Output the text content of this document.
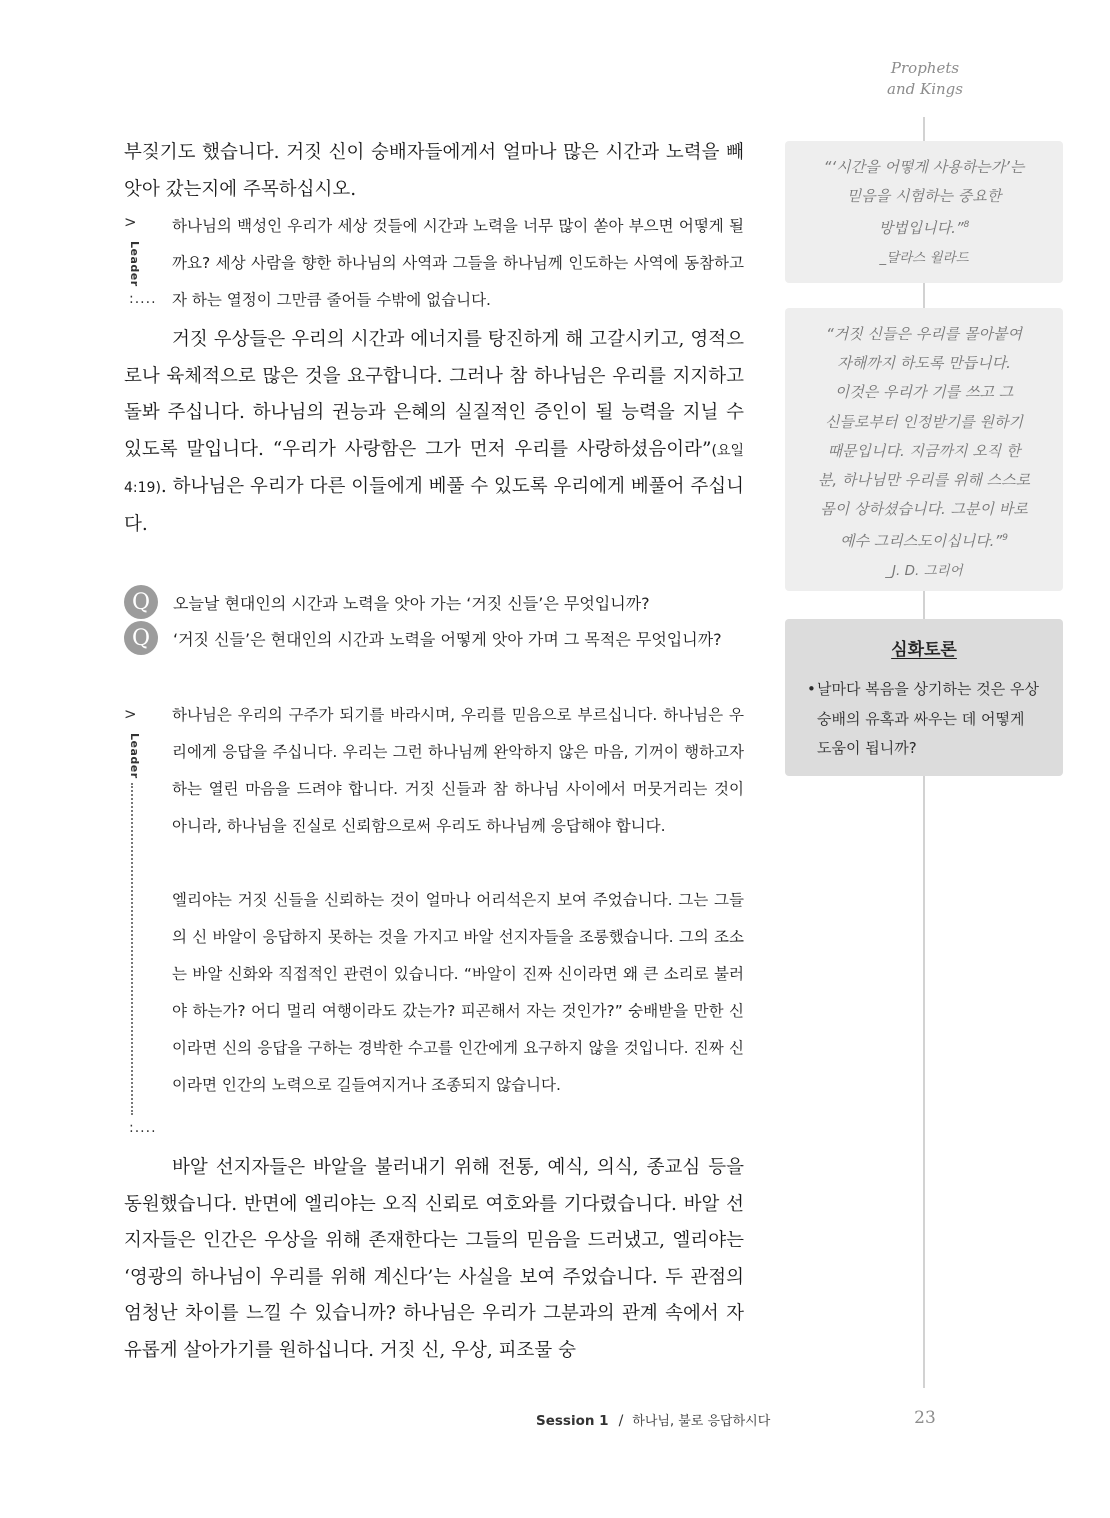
Prophets
and Kings

부짖기도 했습니다. 거짓 신이 숭배자들에게서 얼마나 많은 시간과 노력을 빼앗아 갔는지에 주목하십시오.

>
Leader
:....

하나님의 백성인 우리가 세상 것들에 시간과 노력을 너무 많이 쏟아 부으면 어떻게 될까요? 세상 사람을 향한 하나님의 사역과 그들을 하나님께 인도하는 사역에 동참하고자 하는 열정이 그만큼 줄어들 수밖에 없습니다.

거짓 우상들은 우리의 시간과 에너지를 탕진하게 해 고갈시키고, 영적으로나 육체적으로 많은 것을 요구합니다. 그러나 참 하나님은 우리를 지지하고 돌봐 주십니다. 하나님의 권능과 은혜의 실질적인 증인이 될 능력을 지닐 수 있도록 말입니다. “우리가 사랑함은 그가 먼저 우리를 사랑하셨음이라”(요일 4:19). 하나님은 우리가 다른 이들에게 베풀 수 있도록 우리에게 베풀어 주십니다.

Q	오늘날 현대인의 시간과 노력을 앗아 가는 ‘거짓 신들’은 무엇입니까?
Q	‘거짓 신들’은 현대인의 시간과 노력을 어떻게 앗아 가며 그 목적은 무엇입니까?
>
Leader
:....

하나님은 우리의 구주가 되기를 바라시며, 우리를 믿음으로 부르십니다. 하나님은 우리에게 응답을 주십니다. 우리는 그런 하나님께 완악하지 않은 마음, 기꺼이 행하고자 하는 열린 마음을 드려야 합니다. 거짓 신들과 참 하나님 사이에서 머뭇거리는 것이 아니라, 하나님을 진실로 신뢰함으로써 우리도 하나님께 응답해야 합니다.

엘리야는 거짓 신들을 신뢰하는 것이 얼마나 어리석은지 보여 주었습니다. 그는 그들의 신 바알이 응답하지 못하는 것을 가지고 바알 선지자들을 조롱했습니다. 그의 조소는 바알 신화와 직접적인 관련이 있습니다. “바알이 진짜 신이라면 왜 큰 소리로 불러야 하는가? 어디 멀리 여행이라도 갔는가? 피곤해서 자는 것인가?” 숭배받을 만한 신이라면 신의 응답을 구하는 경박한 수고를 인간에게 요구하지 않을 것입니다. 진짜 신이라면 인간의 노력으로 길들여지거나 조종되지 않습니다.

바알 선지자들은 바알을 불러내기 위해 전통, 예식, 의식, 종교심 등을 동원했습니다. 반면에 엘리야는 오직 신뢰로 여호와를 기다렸습니다. 바알 선지자들은 인간은 우상을 위해 존재한다는 그들의 믿음을 드러냈고, 엘리야는 ‘영광의 하나님이 우리를 위해 계신다’는 사실을 보여 주었습니다. 두 관점의 엄청난 차이를 느낄 수 있습니까? 하나님은 우리가 그분과의 관계 속에서 자유롭게 살아가기를 원하십니다. 거짓 신, 우상, 피조물 숭

“‘시간을 어떻게 사용하는가’는
믿음을 시험하는 중요한
방법입니다.”$^8$
_달라스 윌라드
“거짓 신들은 우리를 몰아붙여
자해까지 하도록 만듭니다.
이것은 우리가 기를 쓰고 그
신들로부터 인정받기를 원하기
때문입니다. 지금까지 오직 한
분, 하나님만 우리를 위해 스스로
몸이 상하셨습니다. 그분이 바로
예수 그리스도이십니다.”$^9$
_J. D. 그리어
심화토론
• 날마다 복음을 상기하는 것은 우상
숭배의 유혹과 싸우는 데 어떻게
도움이 됩니까?
Session 1 / 하나님, 불로 응답하시다	23
